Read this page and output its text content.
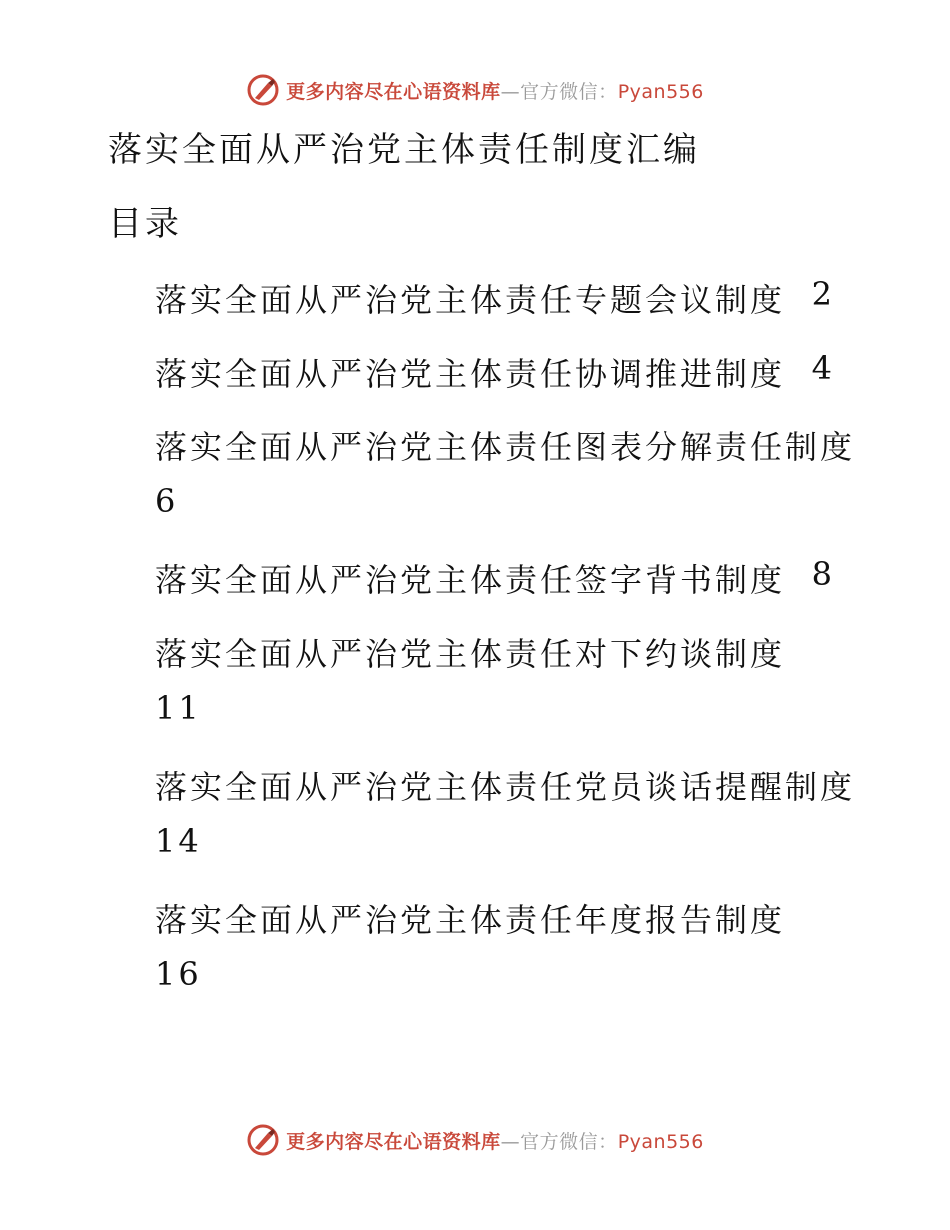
更多内容尽在心语资料库—官方微信：Pyan556
落实全面从严治党主体责任制度汇编
目录
落实全面从严治党主体责任专题会议制度 2
落实全面从严治党主体责任协调推进制度 4
落实全面从严治党主体责任图表分解责任制度
6
落实全面从严治党主体责任签字背书制度 8
落实全面从严治党主体责任对下约谈制度
11
落实全面从严治党主体责任党员谈话提醒制度
14
落实全面从严治党主体责任年度报告制度
16
更多内容尽在心语资料库—官方微信：Pyan556
